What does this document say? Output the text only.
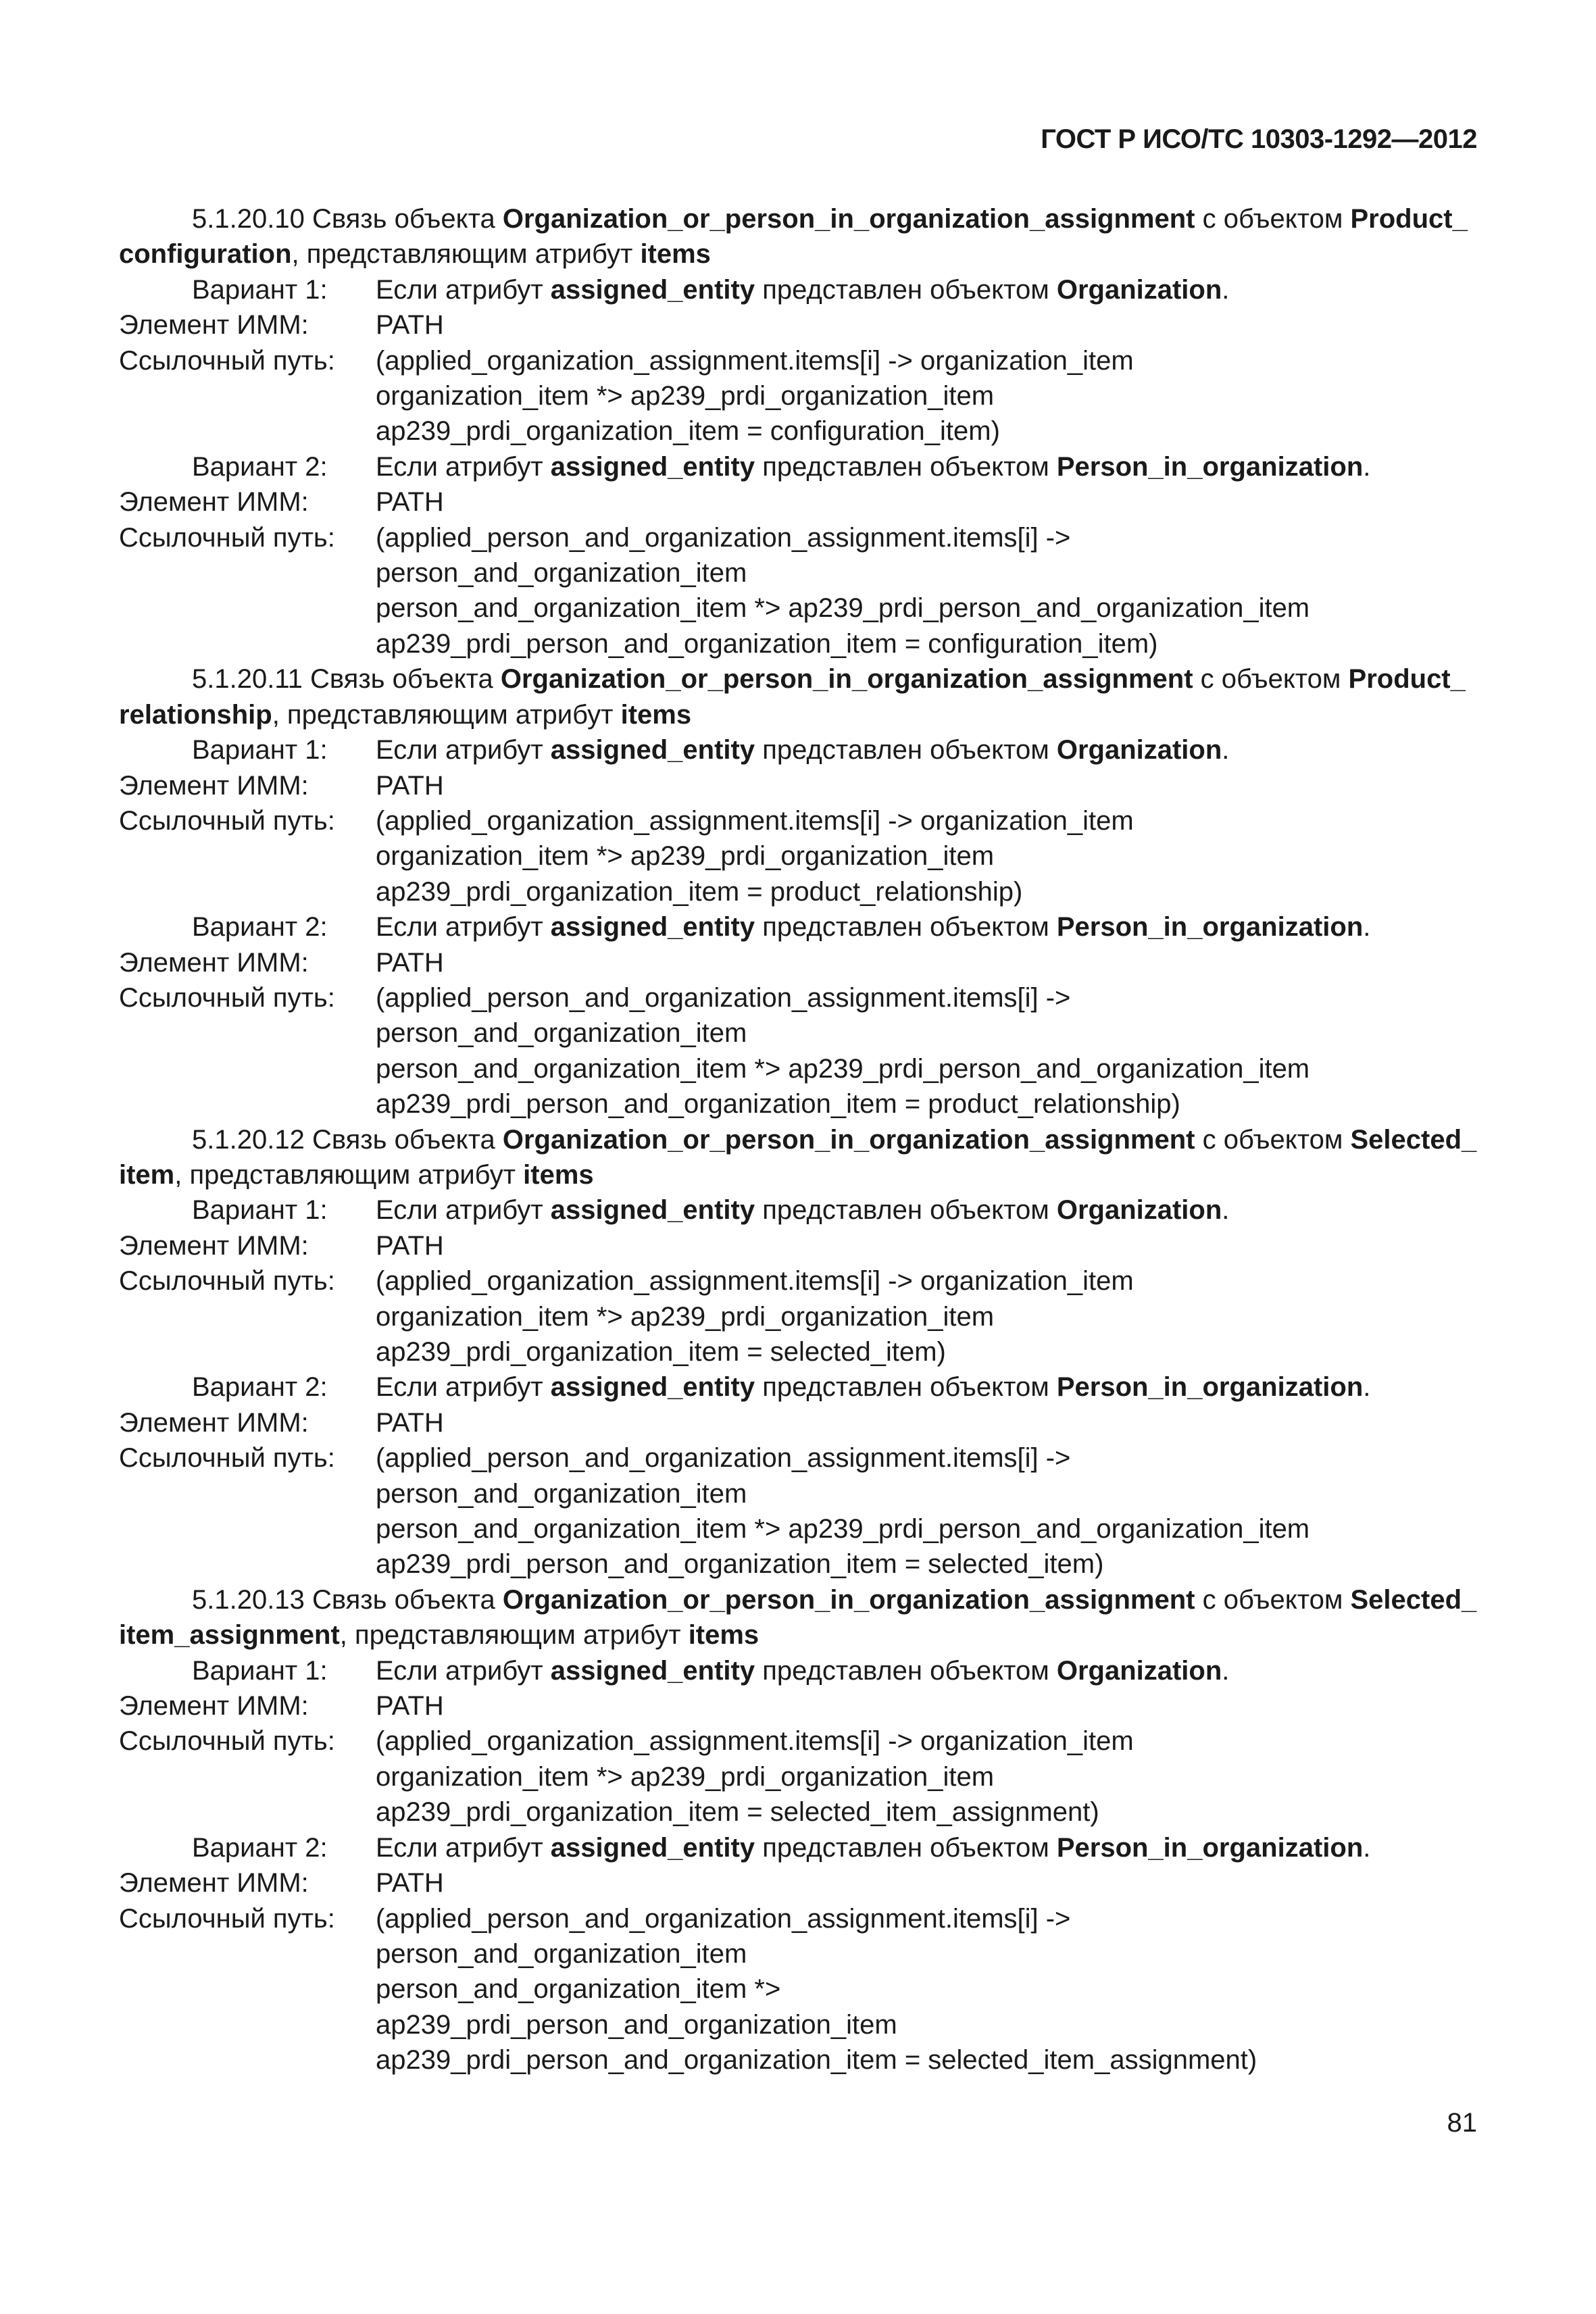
ГОСТ Р ИСО/ТС 10303-1292—2012

5.1.20.10 Связь объекта Organization_or_person_in_organization_assignment с объектом Product_ configuration, представляющим атрибут items

Вариант 1:	Если атрибут assigned_entity представлен объектом Organization.
Элемент ИММ:	PATH
Ссылочный путь:	(applied_organization_assignment.items[i] -> organization_item

organization_item *> ap239_prdi_organization_item

ap239_prdi_organization_item = configuration_item)

Вариант 2:	Если атрибут assigned_entity представлен объектом Person_in_organization.
Элемент ИММ:	PATH
Ссылочный путь:	(applied_person_and_organization_assignment.items[i] ->

person_and_organization_item

person_and_organization_item *> ap239_prdi_person_and_organization_item

ap239_prdi_person_and_organization_item = configuration_item)

5.1.20.11 Связь объекта Organization_or_person_in_organization_assignment с объектом Product_ relationship, представляющим атрибут items

Вариант 1:	Если атрибут assigned_entity представлен объектом Organization.
Элемент ИММ:	PATH
Ссылочный путь:	(applied_organization_assignment.items[i] -> organization_item

organization_item *> ap239_prdi_organization_item

ap239_prdi_organization_item = product_relationship)

Вариант 2:	Если атрибут assigned_entity представлен объектом Person_in_organization.
Элемент ИММ:	PATH
Ссылочный путь:	(applied_person_and_organization_assignment.items[i] ->

person_and_organization_item

person_and_organization_item *> ap239_prdi_person_and_organization_item

ap239_prdi_person_and_organization_item = product_relationship)

5.1.20.12 Связь объекта Organization_or_person_in_organization_assignment с объектом Selected_ item, представляющим атрибут items

Вариант 1:	Если атрибут assigned_entity представлен объектом Organization.
Элемент ИММ:	PATH
Ссылочный путь:	(applied_organization_assignment.items[i] -> organization_item

organization_item *> ap239_prdi_organization_item

ap239_prdi_organization_item = selected_item)

Вариант 2:	Если атрибут assigned_entity представлен объектом Person_in_organization.
Элемент ИММ:	PATH
Ссылочный путь:	(applied_person_and_organization_assignment.items[i] ->

person_and_organization_item

person_and_organization_item *> ap239_prdi_person_and_organization_item

ap239_prdi_person_and_organization_item = selected_item)

5.1.20.13 Связь объекта Organization_or_person_in_organization_assignment с объектом Selected_ item_assignment, представляющим атрибут items

Вариант 1:	Если атрибут assigned_entity представлен объектом Organization.
Элемент ИММ:	PATH
Ссылочный путь:	(applied_organization_assignment.items[i] -> organization_item

organization_item *> ap239_prdi_organization_item

ap239_prdi_organization_item = selected_item_assignment)

Вариант 2:	Если атрибут assigned_entity представлен объектом Person_in_organization.
Элемент ИММ:	PATH
Ссылочный путь:	(applied_person_and_organization_assignment.items[i] ->

person_and_organization_item

person_and_organization_item *>

ap239_prdi_person_and_organization_item

ap239_prdi_person_and_organization_item = selected_item_assignment)

81
